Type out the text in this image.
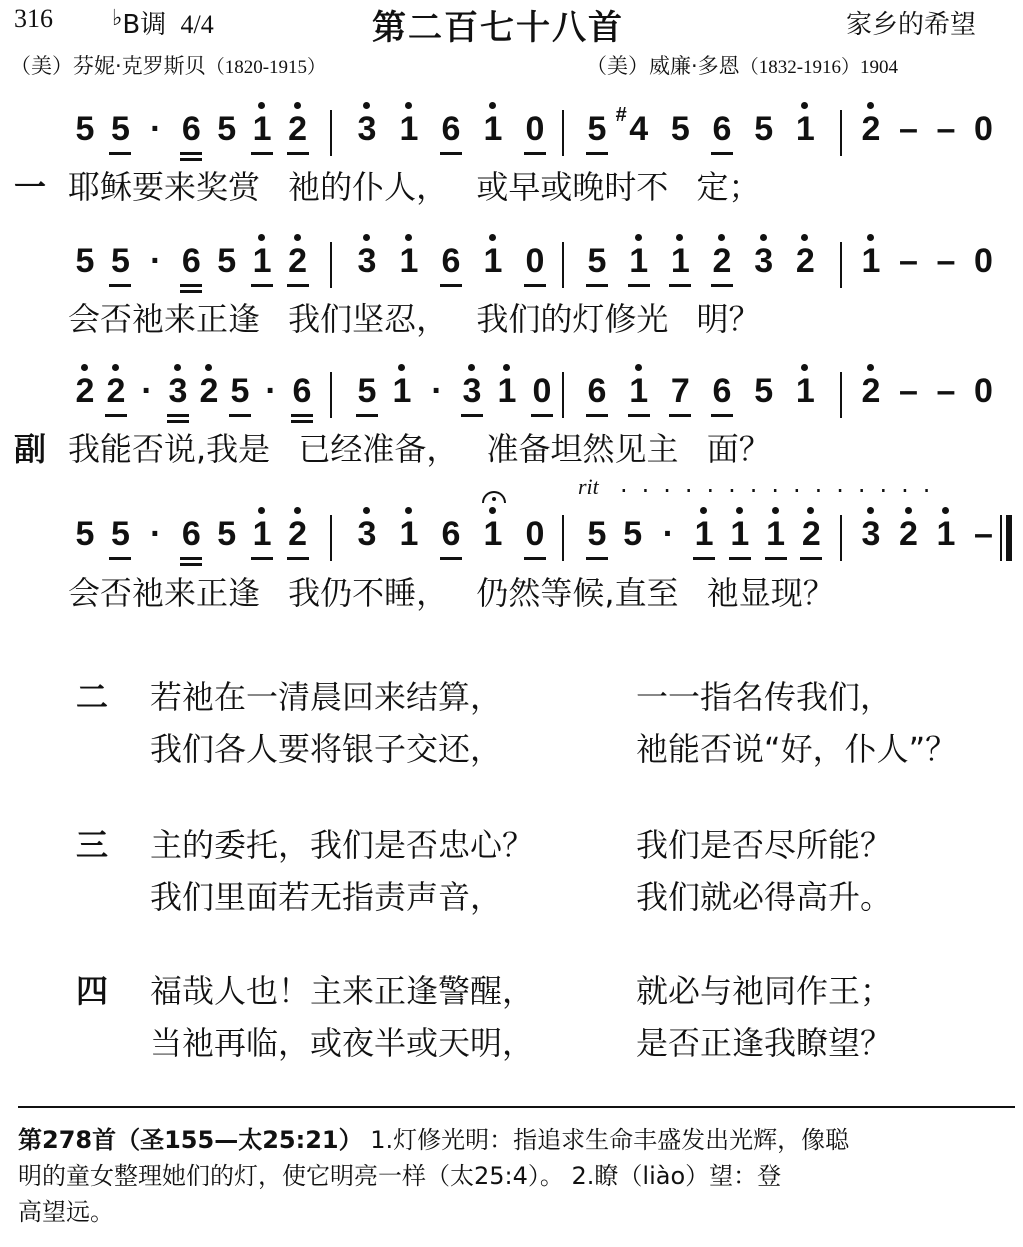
316	♭B调 4/4	第二百七十八首	家乡的希望
（美）芬妮·克罗斯贝（1820-1915）	（美）威廉·多恩（1832-1916）1904
5 5 · 6 5 1 2 3 1 6 1 0 5 4
# 5 6 5 1 2 – – 0
一 耶稣要来奖赏 祂的仆人， 或早或晚时不 定；
5 5 · 6 5 1 2 3 1 6 1 0 5 1 1 2 3 2 1 – – 0
会否祂来正逢 我们坚忍， 我们的灯修光 明？
2 2 · 3 2 5 · 6 5 1 · 3 1 0 6 1 7 6 5 1 2 – – 0
副 我能否说,我是 已经准备， 准备坦然见主 面？
rit ...............
5 5 · 6 5 1 2 3 1 6 1 0 5 5 · 1 1 1 2 3 2 1 –
会否祂来正逢 我仍不睡， 仍然等候,直至 祂显现？
二 若祂在一清晨回来结算，	一一指名传我们，
我们各人要将银子交还，	祂能否说“好，仆人”？
三 主的委托，我们是否忠心？	我们是否尽所能？
我们里面若无指责声音，	我们就必得高升。
四 福哉人也！主来正逢警醒，	就必与祂同作王；
当祂再临，或夜半或天明，	是否正逢我瞭望？
第278首（圣155—太25:21） 1.灯修光明：指追求生命丰盛发出光辉，像聪
明的童女整理她们的灯，使它明亮一样（太25:4）。 2.瞭（liào）望：登
高望远。
